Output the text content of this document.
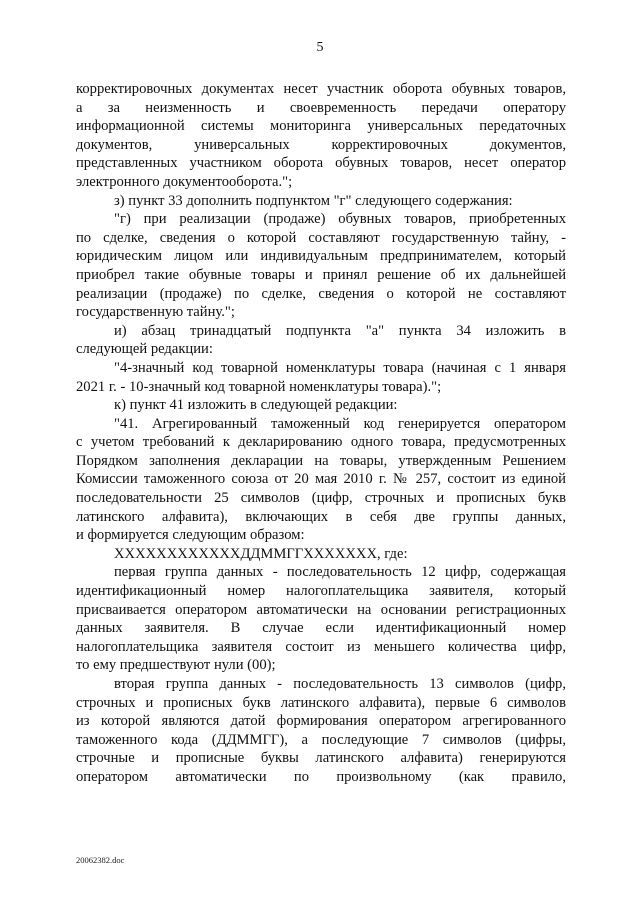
5
корректировочных документах несет участник оборота обувных товаров,
а за неизменность и своевременность передачи оператору
информационной системы мониторинга универсальных передаточных
документов, универсальных корректировочных документов,
представленных участником оборота обувных товаров, несет оператор
электронного документооборота.";
з) пункт 33 дополнить подпунктом "г" следующего содержания:
"г) при реализации (продаже) обувных товаров, приобретенных
по сделке, сведения о которой составляют государственную тайну, -
юридическим лицом или индивидуальным предпринимателем, который
приобрел такие обувные товары и принял решение об их дальнейшей
реализации (продаже) по сделке, сведения о которой не составляют
государственную тайну.";
и) абзац тринадцатый подпункта "а" пункта 34 изложить в
следующей редакции:
"4-значный код товарной номенклатуры товара (начиная с 1 января
2021 г. - 10-значный код товарной номенклатуры товара).";
к) пункт 41 изложить в следующей редакции:
"41. Агрегированный таможенный код генерируется оператором
с учетом требований к декларированию одного товара, предусмотренных
Порядком заполнения декларации на товары, утвержденным Решением
Комиссии таможенного союза от 20 мая 2010 г. № 257, состоит из единой
последовательности 25 символов (цифр, строчных и прописных букв
латинского алфавита), включающих в себя две группы данных,
и формируется следующим образом:
ХХХХХХХХХХХХДДММГГХХХХХХХ, где:
первая группа данных - последовательность 12 цифр, содержащая
идентификационный номер налогоплательщика заявителя, который
присваивается оператором автоматически на основании регистрационных
данных заявителя. В случае если идентификационный номер
налогоплательщика заявителя состоит из меньшего количества цифр,
то ему предшествуют нули (00);
вторая группа данных - последовательность 13 символов (цифр,
строчных и прописных букв латинского алфавита), первые 6 символов
из которой являются датой формирования оператором агрегированного
таможенного кода (ДДММГГ), а последующие 7 символов (цифры,
строчные и прописные буквы латинского алфавита) генерируются
оператором автоматически по произвольному (как правило,
20062382.doc
